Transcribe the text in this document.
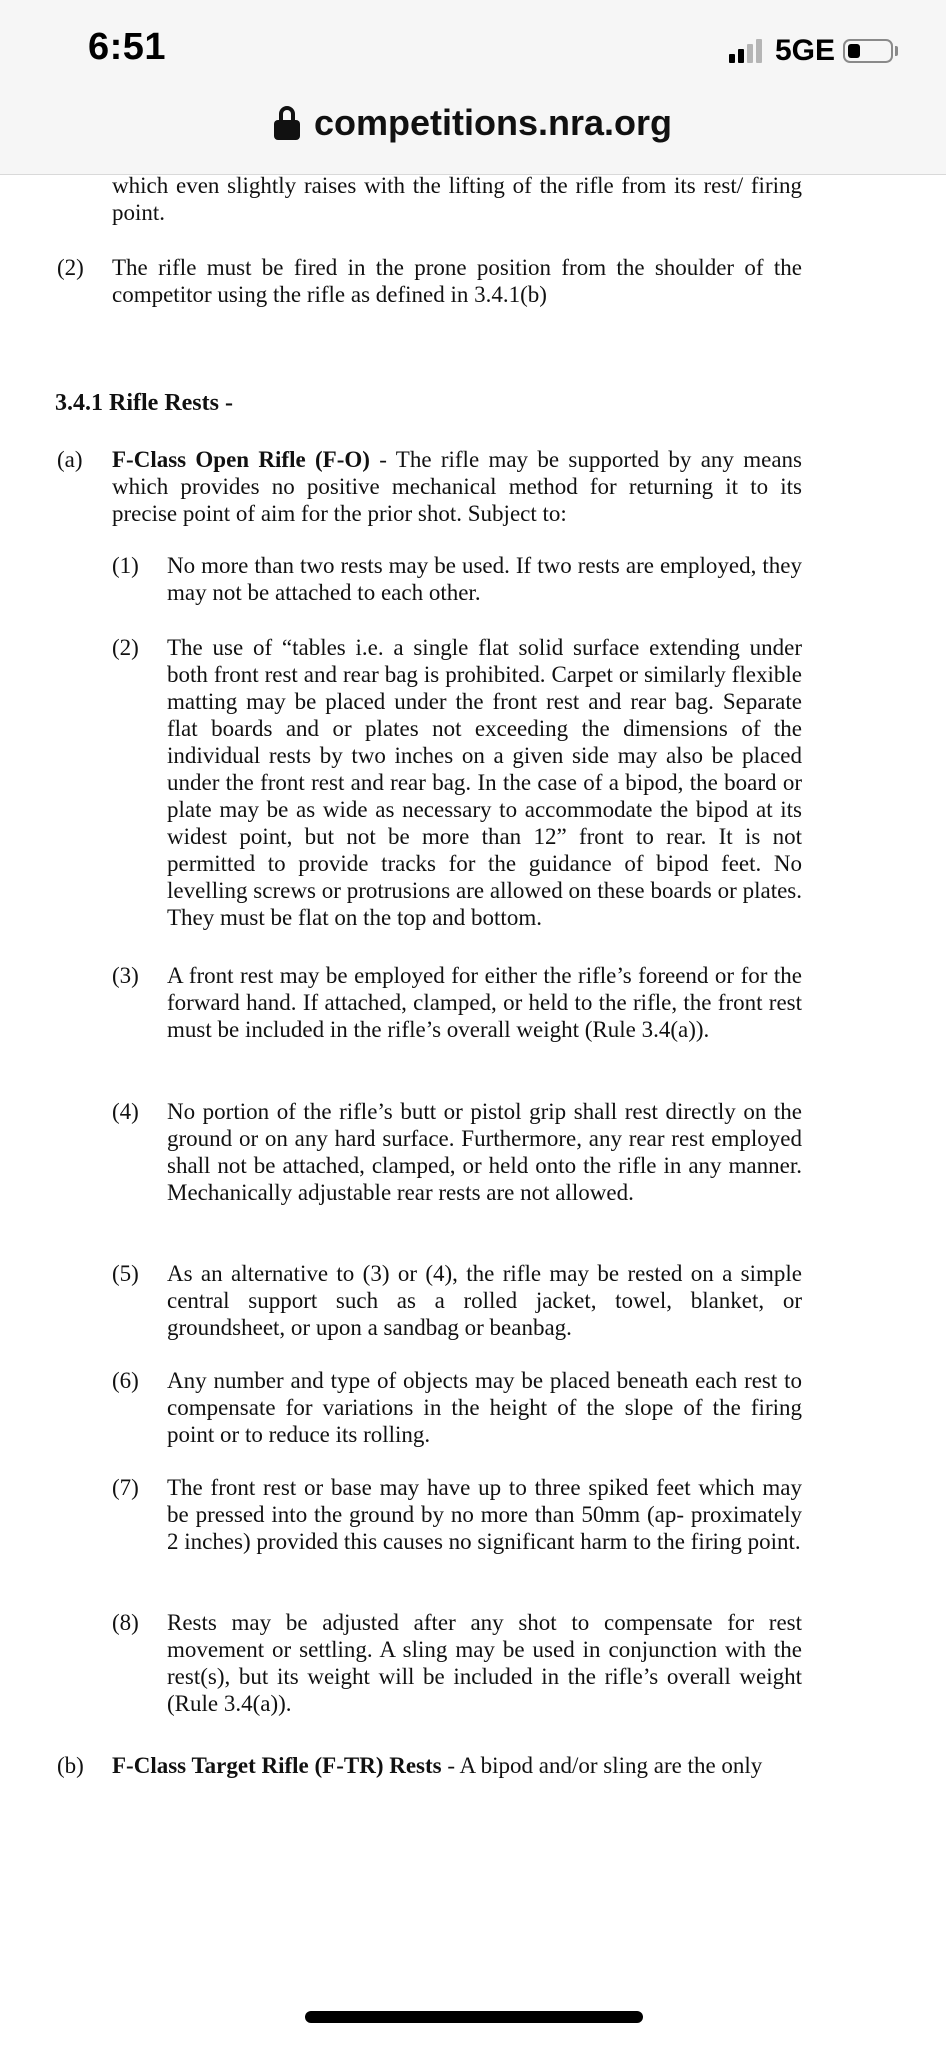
6:51	5GE
competitions.nra.org
which even slightly raises with the lifting of the rifle from its rest/ firing point.
(2) The rifle must be fired in the prone position from the shoulder of the competitor using the rifle as defined in 3.4.1(b)
3.4.1 Rifle Rests -
(a) F-Class Open Rifle (F-O) - The rifle may be supported by any means which provides no positive mechanical method for returning it to its precise point of aim for the prior shot. Subject to:
(1) No more than two rests may be used. If two rests are employed, they may not be attached to each other.
(2) The use of “tables i.e. a single flat solid surface extending under both front rest and rear bag is prohibited. Carpet or similarly flexible matting may be placed under the front rest and rear bag. Separate flat boards and or plates not exceeding the dimensions of the individual rests by two inches on a given side may also be placed under the front rest and rear bag. In the case of a bipod, the board or plate may be as wide as necessary to accommodate the bipod at its widest point, but not be more than 12” front to rear. It is not permitted to provide tracks for the guidance of bipod feet. No levelling screws or protrusions are allowed on these boards or plates. They must be flat on the top and bottom.
(3) A front rest may be employed for either the rifle’s foreend or for the forward hand. If attached, clamped, or held to the rifle, the front rest must be included in the rifle’s overall weight (Rule 3.4(a)).
(4) No portion of the rifle’s butt or pistol grip shall rest directly on the ground or on any hard surface. Furthermore, any rear rest employed shall not be attached, clamped, or held onto the rifle in any manner. Mechanically adjustable rear rests are not allowed.
(5) As an alternative to (3) or (4), the rifle may be rested on a simple central support such as a rolled jacket, towel, blanket, or groundsheet, or upon a sandbag or beanbag.
(6) Any number and type of objects may be placed beneath each rest to compensate for variations in the height of the slope of the firing point or to reduce its rolling.
(7) The front rest or base may have up to three spiked feet which may be pressed into the ground by no more than 50mm (ap- proximately 2 inches) provided this causes no significant harm to the firing point.
(8) Rests may be adjusted after any shot to compensate for rest movement or settling. A sling may be used in conjunction with the rest(s), but its weight will be included in the rifle’s overall weight (Rule 3.4(a)).
(b) F-Class Target Rifle (F-TR) Rests - A bipod and/or sling are the only
